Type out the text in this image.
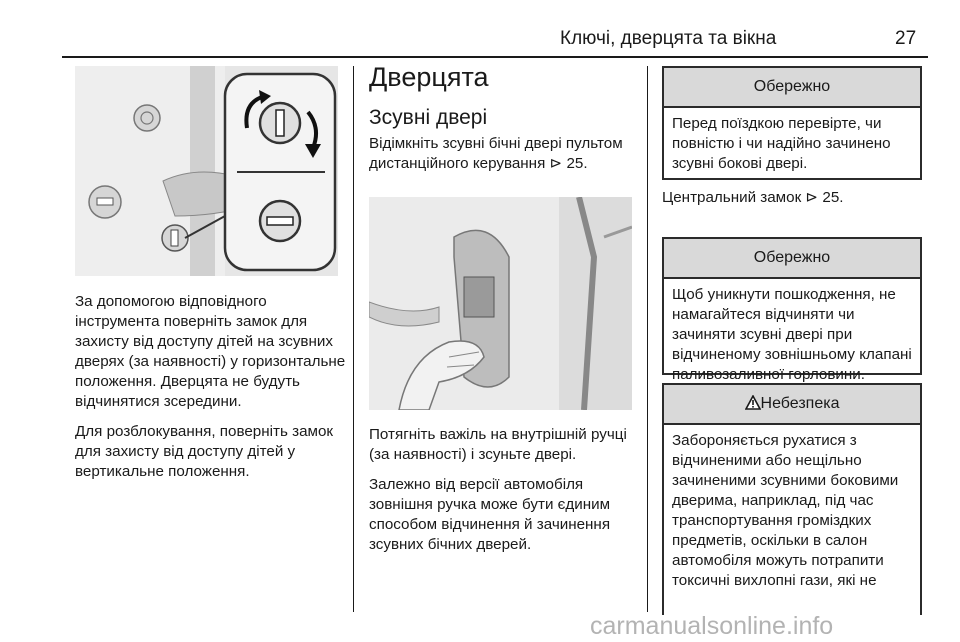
Ключі, дверцята та вікна	27

За допомогою відповідного інструмента поверніть замок для захисту від доступу дітей на зсувних дверях (за наявності) у горизонтальне положення. Дверцята не будуть відчинятися зсередини.

Для розблокування, поверніть замок для захисту від доступу дітей у вертикальне положення.

Дверцята
Зсувні двері

Відімкніть зсувні бічні двері пультом дистанційного керування ⊳ 25.

Потягніть важіль на внутрішній ручці (за наявності) і зсуньте двері.

Залежно від версії автомобіля зовнішня ручка може бути єдиним способом відчинення й зачинення зсувних бічних дверей.

Обережно
Перед поїздкою перевірте, чи повністю і чи надійно зачинено зсувні бокові двері.

Центральний замок ⊳ 25.

Обережно
Щоб уникнути пошкодження, не намагайтеся відчиняти чи зачиняти зсувні двері при відчиненому зовнішньому клапані паливозаливної горловини.
Небезпека
Забороняється рухатися з відчиненими або нещільно зачиненими зсувними боковими дверима, наприклад, під час транспортування громіздких предметів, оскільки в салон автомобіля можуть потрапити токсичні вихлопні гази, які не
carmanualsonline.info
